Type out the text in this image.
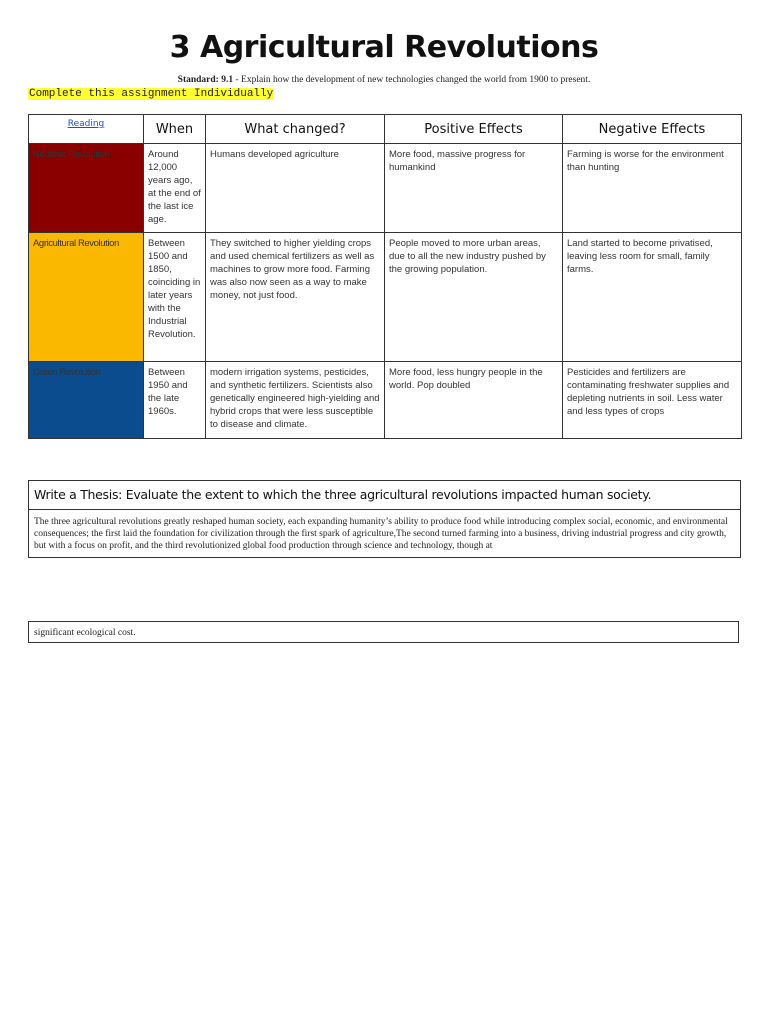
3 Agricultural Revolutions
Standard: 9.1 - Explain how the development of new technologies changed the world from 1900 to present.
Complete this assignment Individually
Reading	When	What changed?	Positive Effects	Negative Effects
Neolithic Revolution	Around 12,000 years ago, at the end of the last ice age.	Humans developed agriculture	More food, massive progress for humankind	Farming is worse for the environment than hunting
Agricultural Revolution	Between 1500 and 1850, coinciding in later years with the Industrial Revolution.	They switched to higher yielding crops and used chemical fertilizers as well as machines to grow more food. Farming was also now seen as a way to make money, not just food.	People moved to more urban areas, due to all the new industry pushed by the growing population.	Land started to become privatised, leaving less room for small, family farms.
Green Revolution	Between 1950 and the late 1960s.	modern irrigation systems, pesticides, and synthetic fertilizers. Scientists also genetically engineered high-yielding and hybrid crops that were less susceptible to disease and climate.	More food, less hungry people in the world. Pop doubled	Pesticides and fertilizers are contaminating freshwater supplies and depleting nutrients in soil. Less water and less types of crops
Write a Thesis: Evaluate the extent to which the three agricultural revolutions impacted human society.
The three agricultural revolutions greatly reshaped human society, each expanding humanity’s ability to produce food while introducing complex social, economic, and environmental consequences; the first laid the foundation for civilization through the first spark of agriculture,The second turned farming into a business, driving industrial progress and city growth, but with a focus on profit, and the third revolutionized global food production through science and technology, though at
significant ecological cost.
